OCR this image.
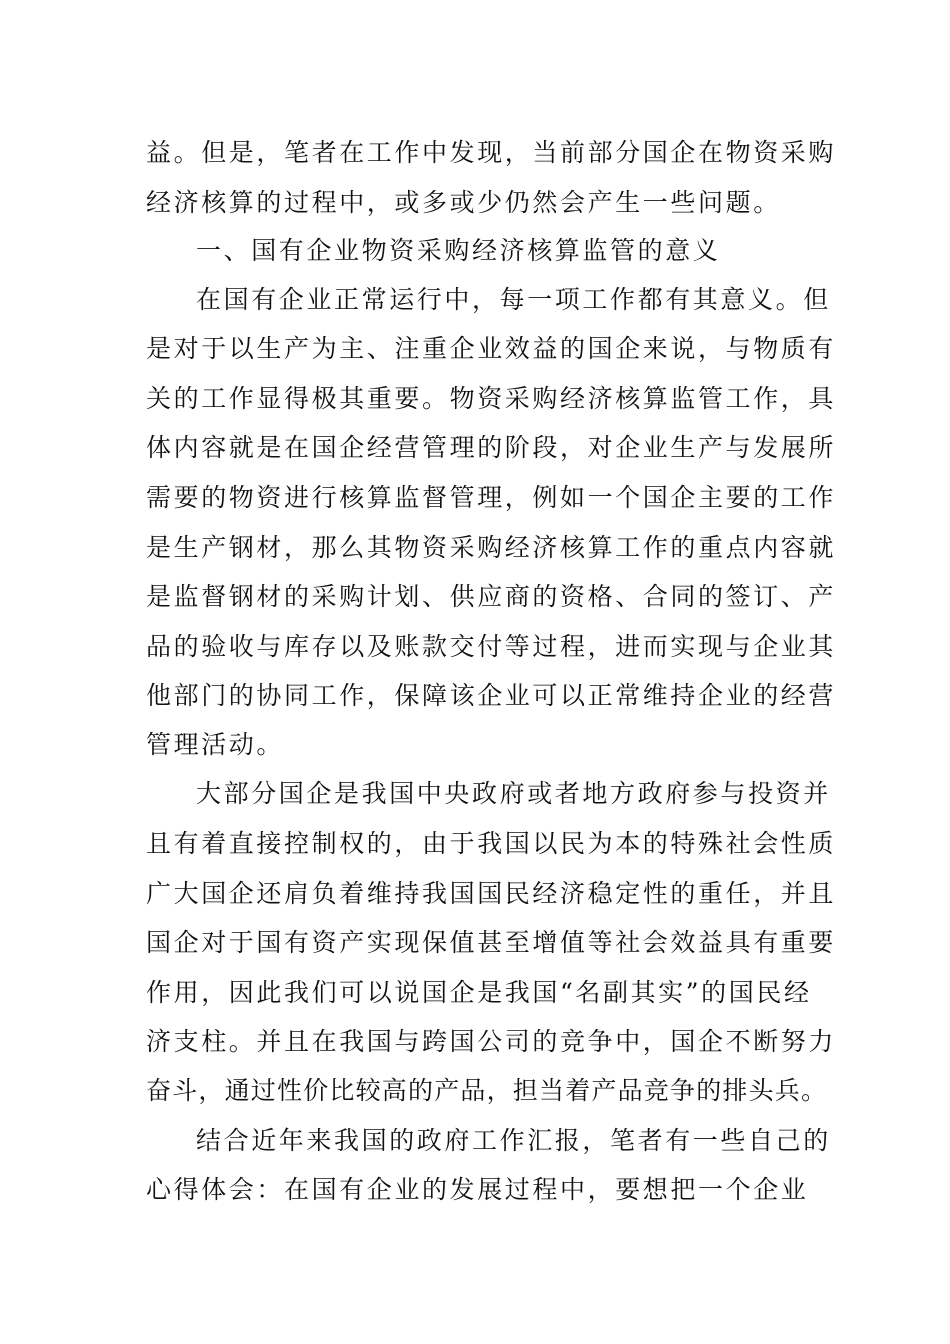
益。但是，笔者在工作中发现，当前部分国企在物资采购
经济核算的过程中，或多或少仍然会产生一些问题。
一、国有企业物资采购经济核算监管的意义
在国有企业正常运行中，每一项工作都有其意义。但
是对于以生产为主、注重企业效益的国企来说，与物质有
关的工作显得极其重要。物资采购经济核算监管工作，具
体内容就是在国企经营管理的阶段，对企业生产与发展所
需要的物资进行核算监督管理，例如一个国企主要的工作
是生产钢材，那么其物资采购经济核算工作的重点内容就
是监督钢材的采购计划、供应商的资格、合同的签订、产
品的验收与库存以及账款交付等过程，进而实现与企业其
他部门的协同工作，保障该企业可以正常维持企业的经营
管理活动。
大部分国企是我国中央政府或者地方政府参与投资并
且有着直接控制权的，由于我国以民为本的特殊社会性质
广大国企还肩负着维持我国国民经济稳定性的重任，并且
国企对于国有资产实现保值甚至增值等社会效益具有重要
作用，因此我们可以说国企是我国“名副其实”的国民经
济支柱。并且在我国与跨国公司的竞争中，国企不断努力
奋斗，通过性价比较高的产品，担当着产品竞争的排头兵。
结合近年来我国的政府工作汇报，笔者有一些自己的
心得体会：在国有企业的发展过程中，要想把一个企业
